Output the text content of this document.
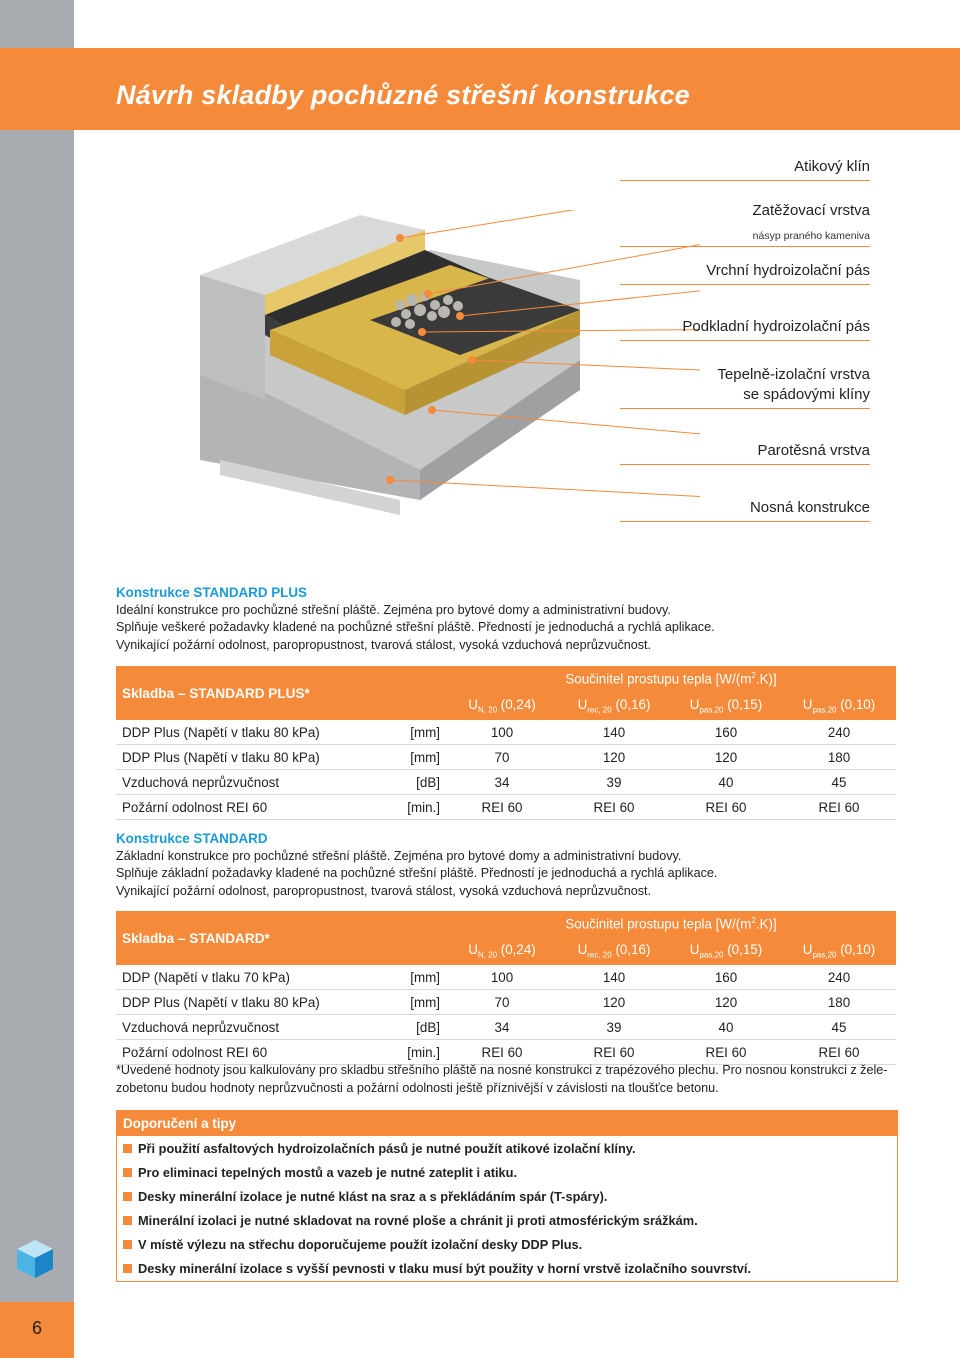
Návrh skladby pochůzné střešní konstrukce
Atikový klín
Zatěžovací vrstva
násyp praného kameniva
Vrchní hydroizolační pás
Podkladní hydroizolační pás
Tepelně-izolační vrstva
se spádovými klíny
Parotěsná vrstva
Nosná konstrukce
Konstrukce STANDARD PLUS
Ideální konstrukce pro pochůzné střešní pláště. Zejména pro bytové domy a administrativní budovy.
Splňuje veškeré požadavky kladené na pochůzné střešní pláště. Předností je jednoduchá a rychlá aplikace.
Vynikající požární odolnost, paropropustnost, tvarová stálost, vysoká vzduchová neprůzvučnost.
Skladba – STANDARD PLUS*		Součinitel prostupu tepla $[W/(m^2.K)]$			
		$U_{N, 20}$ (0,24)	$U_{rec, 20}$ (0,16)	$U_{pas,20}$ (0,15)	$U_{pas,20}$ (0,10)
DDP Plus (Napětí v tlaku 80 kPa)	[mm]	100	140	160	240
DDP Plus (Napětí v tlaku 80 kPa)	[mm]	70	120	120	180
Vzduchová neprůzvučnost	[dB]	34	39	40	45
Požární odolnost REI 60	[min.]	REI 60	REI 60	REI 60	REI 60
Konstrukce STANDARD
Základní konstrukce pro pochůzné střešní pláště. Zejména pro bytové domy a administrativní budovy.
Splňuje základní požadavky kladené na pochůzné střešní pláště. Předností je jednoduchá a rychlá aplikace.
Vynikající požární odolnost, paropropustnost, tvarová stálost, vysoká vzduchová neprůzvučnost.
Skladba – STANDARD*		Součinitel prostupu tepla $[W/(m^2.K)]$			
		$U_{N, 20}$ (0,24)	$U_{rec, 20}$ (0,16)	$U_{pas,20}$ (0,15)	$U_{pas,20}$ (0,10)
DDP (Napětí v tlaku 70 kPa)	[mm]	100	140	160	240
DDP Plus (Napětí v tlaku 80 kPa)	[mm]	70	120	120	180
Vzduchová neprůzvučnost	[dB]	34	39	40	45
Požární odolnost REI 60	[min.]	REI 60	REI 60	REI 60	REI 60
*Uvedené hodnoty jsou kalkulovány pro skladbu střešního pláště na nosné konstrukci z trapézového plechu. Pro nosnou konstrukci z želе-
zobetonu budou hodnoty neprůzvučnosti a požární odolnosti ještě příznivější v závislosti na tloušťce betonu.
Doporučení a tipy
Při použití asfaltových hydroizolačních pásů je nutné použít atikové izolační klíny.
Pro eliminaci tepelných mostů a vazeb je nutné zateplit i atiku.
Desky minerální izolace je nutné klást na sraz a s překládáním spár (T-spáry).
Minerální izolaci je nutné skladovat na rovné ploše a chránit ji proti atmosférickým srážkám.
V místě výlezu na střechu doporučujeme použít izolační desky DDP Plus.
Desky minerální izolace s vyšší pevnosti v tlaku musí být použity v horní vrstvě izolačního souvrství.
6
